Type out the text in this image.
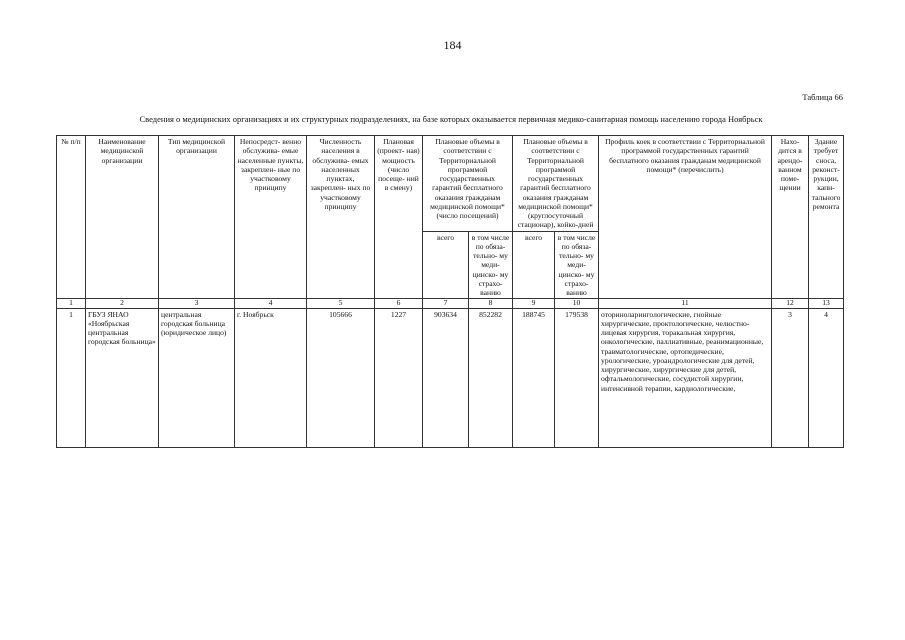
184
Таблица 66
Сведения о медицинских организациях и их структурных подразделениях, на базе которых оказывается первичная медико-санитарная помощь населению города Ноябрьск
№ п/п	Наименование медицинской организации	Тип медицинской организации	Непосредст- венно обслужива- емые населенные пункты, закреплен- ные по участковому принципу	Численность населения в обслужива- емых населенных пунктах, закреплен- ных по участковому принципу	Плановая (проект- ная) мощность (число посеще- ний в смену)	Плановые объемы в соответствии с Территориальной программой государственных гарантий бесплатного оказания гражданам медицинской помощи* (число посещений)		Плановые объемы в соответствии с Территориальной программой государственных гарантий бесплатного оказания гражданам медицинской помощи* (круглосуточный стационар), койко-дней		Профиль коек в соответствии с Территориальной программой государственных гарантий бесплатного оказания гражданам медицинской помощи* (перечислить)	Нахо- дится в арендо- ванном поме- щении	Здание требует сноса, реконст- рукции, капи- тального ремонта
						всего	в том числе по обяза- тельно- му меди- цинско- му страхо- ванию	всего	в том числе по обяза- тельно- му меди- цинско- му страхо- ванию			
1	2	3	4	5	6	7	8	9	10	11	12	13
1	ГБУЗ ЯНАО «Ноябрьская центральная городская больница»	центральная городская больница (юридическое лицо)	г. Ноябрьск	105666	1227	903634	852282	188745	179538	оториноларингологические, гнойные хирургические, проктологические, челюстно-лицевая хирургия, торакальная хирургия, онкологические, паллиативные, реанимационные, травматологические, ортопедические, урологические, уроандрологические для детей, хирургические, хирургические для детей, офтальмологические, сосудистой хирургии, интенсивной терапии, кардиологические,	3	4
